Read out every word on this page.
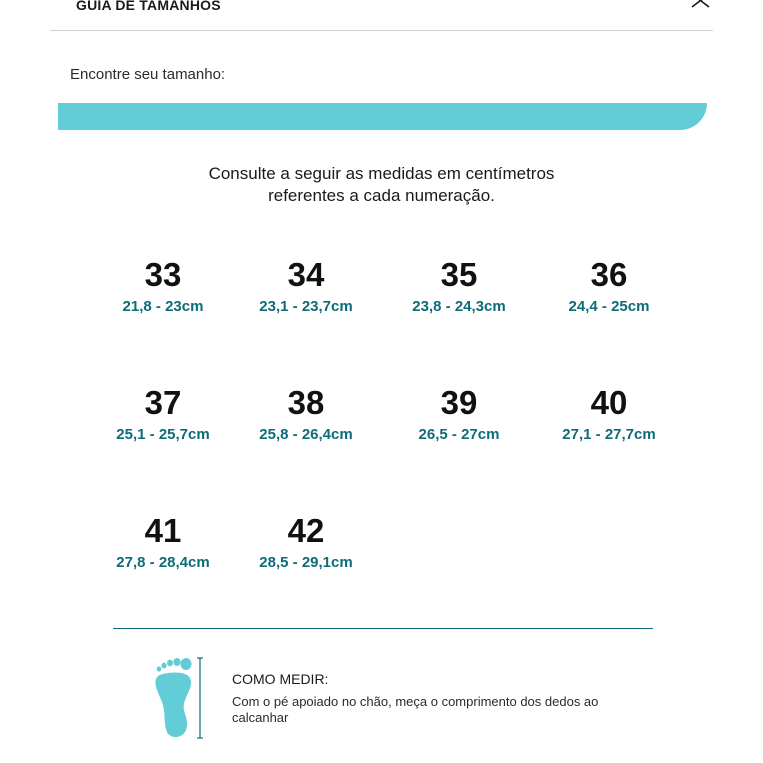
GUIA DE TAMANHOS
Encontre seu tamanho:
Consulte a seguir as medidas em centímetros
referentes a cada numeração.
33
21,8 - 23cm
34
23,1 - 23,7cm
35
23,8 - 24,3cm
36
24,4 - 25cm
37
25,1 - 25,7cm
38
25,8 - 26,4cm
39
26,5 - 27cm
40
27,1 - 27,7cm
41
27,8 - 28,4cm
42
28,5 - 29,1cm
COMO MEDIR:
Com o pé apoiado no chão, meça o comprimento dos dedos ao calcanhar
